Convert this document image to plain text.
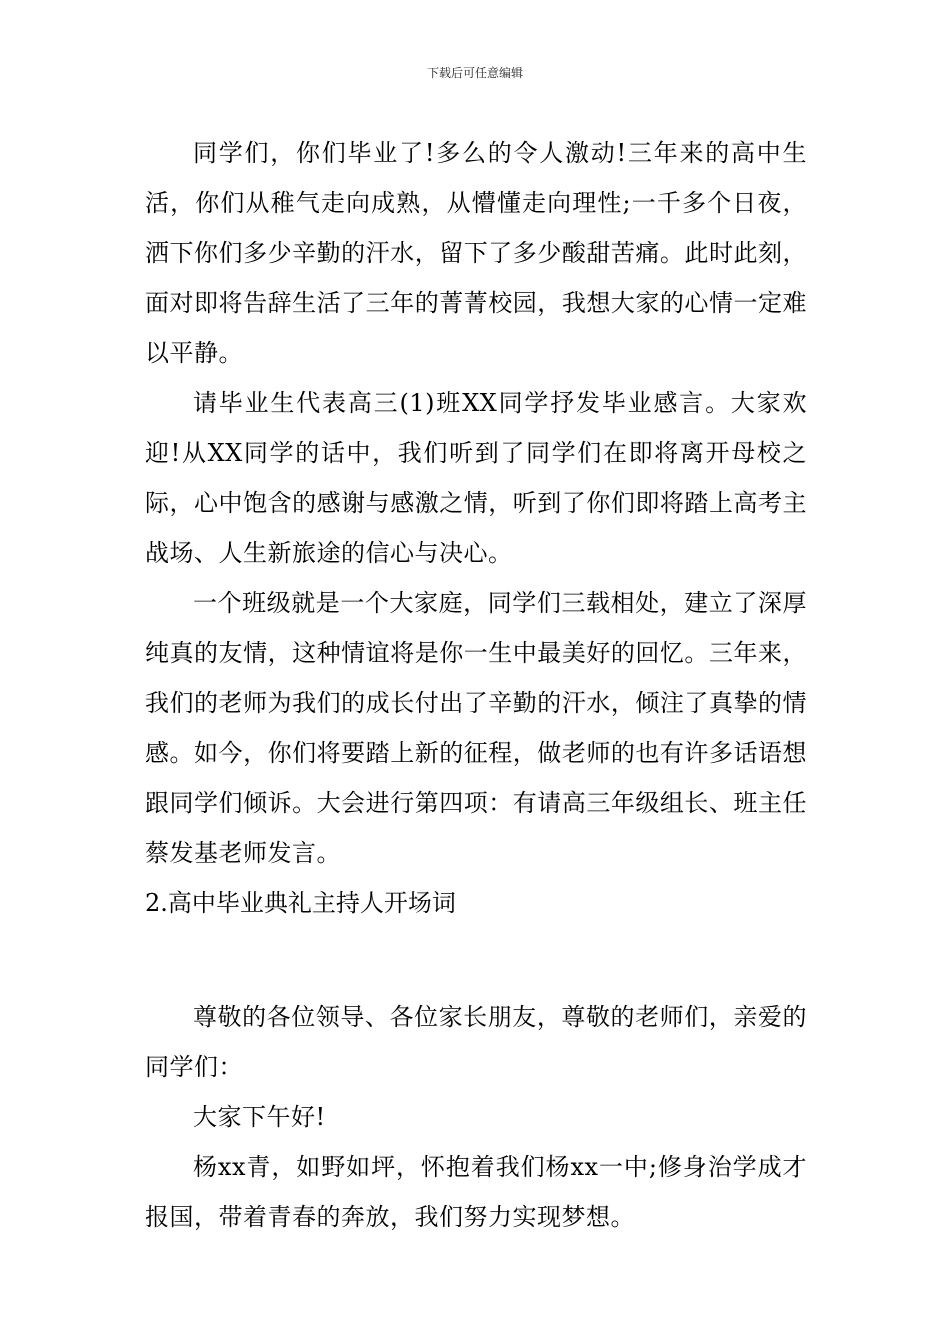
下载后可任意编辑

同学们，你们毕业了!多么的令人激动!三年来的高中生活，你们从稚气走向成熟，从懵懂走向理性;一千多个日夜，洒下你们多少辛勤的汗水，留下了多少酸甜苦痛。此时此刻，面对即将告辞生活了三年的菁菁校园，我想大家的心情一定难以平静。

请毕业生代表高三(1)班XX同学抒发毕业感言。大家欢迎!从XX同学的话中，我们听到了同学们在即将离开母校之际，心中饱含的感谢与感激之情，听到了你们即将踏上高考主战场、人生新旅途的信心与决心。

一个班级就是一个大家庭，同学们三载相处，建立了深厚纯真的友情，这种情谊将是你一生中最美好的回忆。三年来，我们的老师为我们的成长付出了辛勤的汗水，倾注了真挚的情感。如今，你们将要踏上新的征程，做老师的也有许多话语想跟同学们倾诉。大会进行第四项：有请高三年级组长、班主任蔡发基老师发言。

2.高中毕业典礼主持人开场词

尊敬的各位领导、各位家长朋友，尊敬的老师们，亲爱的同学们：

大家下午好!

杨xx青，如野如坪，怀抱着我们杨xx一中;修身治学成才报国，带着青春的奔放，我们努力实现梦想。
